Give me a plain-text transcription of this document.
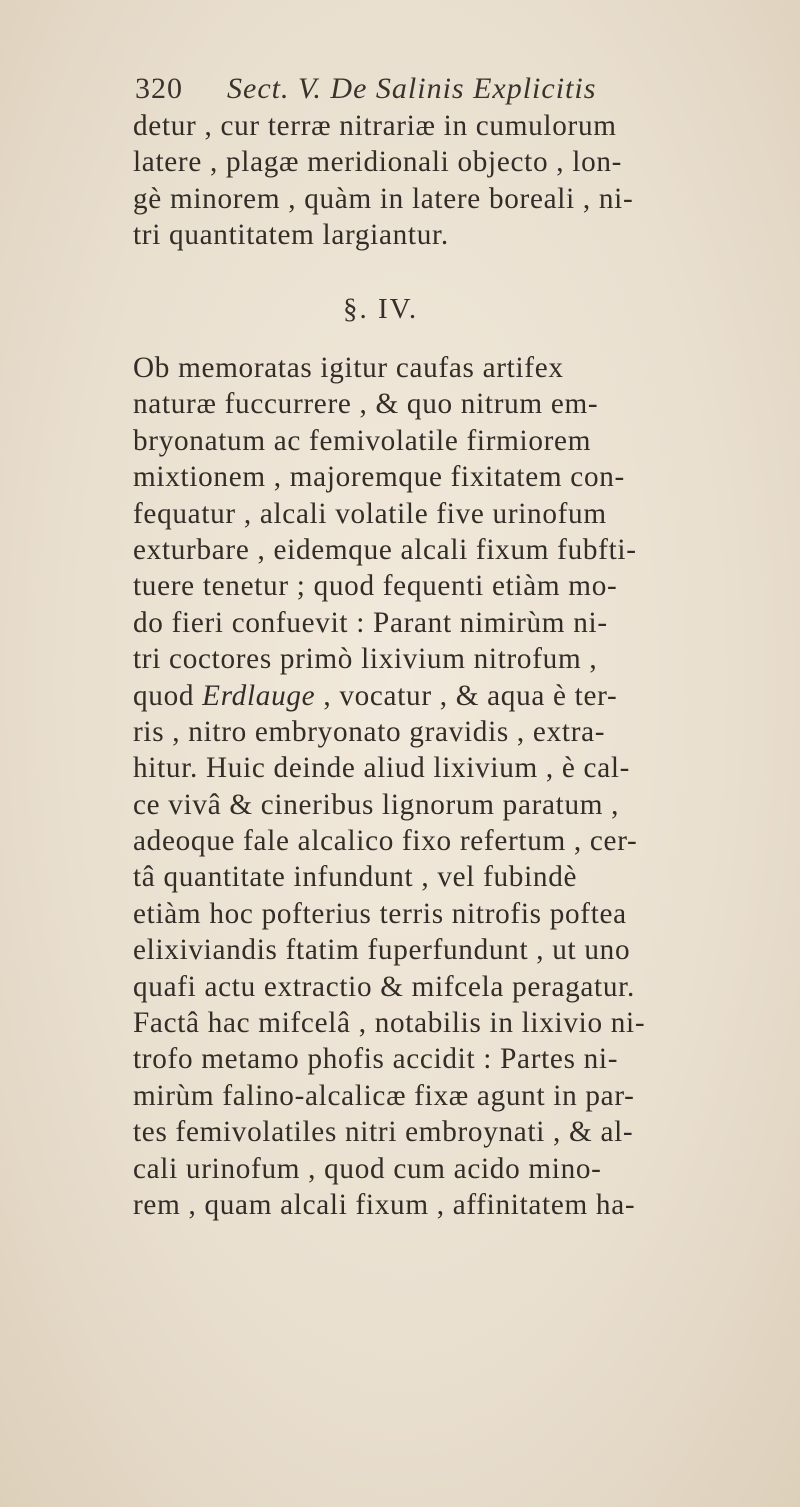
320	Sect. V. De Salinis Explicitis
detur , cur terræ nitrariæ in cumulorum
latere , plagæ meridionali objecto , lon-
gè minorem , quàm in latere boreali , ni-
tri quantitatem largiantur.
§. IV.
Ob memoratas igitur caufas artifex
naturæ fuccurrere , & quo nitrum em-
bryonatum ac femivolatile firmiorem
mixtionem , majoremque fixitatem con-
fequatur , alcali volatile five urinofum
exturbare , eidemque alcali fixum fubfti-
tuere tenetur ; quod fequenti etiàm mo-
do fieri confuevit : Parant nimirùm ni-
tri coctores primò lixivium nitrofum ,
quod Erdlauge , vocatur , & aqua è ter-
ris , nitro embryonato gravidis , extra-
hitur. Huic deinde aliud lixivium , è cal-
ce vivâ & cineribus lignorum paratum ,
adeoque fale alcalico fixo refertum , cer-
tâ quantitate infundunt , vel fubindè
etiàm hoc pofterius terris nitrofis poftea
elixiviandis ftatim fuperfundunt , ut uno
quafi actu extractio & mifcela peragatur.
Factâ hac mifcelâ , notabilis in lixivio ni-
trofo metamo phofis accidit : Partes ni-
mirùm falino-alcalicæ fixæ agunt in par-
tes femivolatiles nitri embroynati , & al-
cali urinofum , quod cum acido mino-
rem , quam alcali fixum , affinitatem ha-
